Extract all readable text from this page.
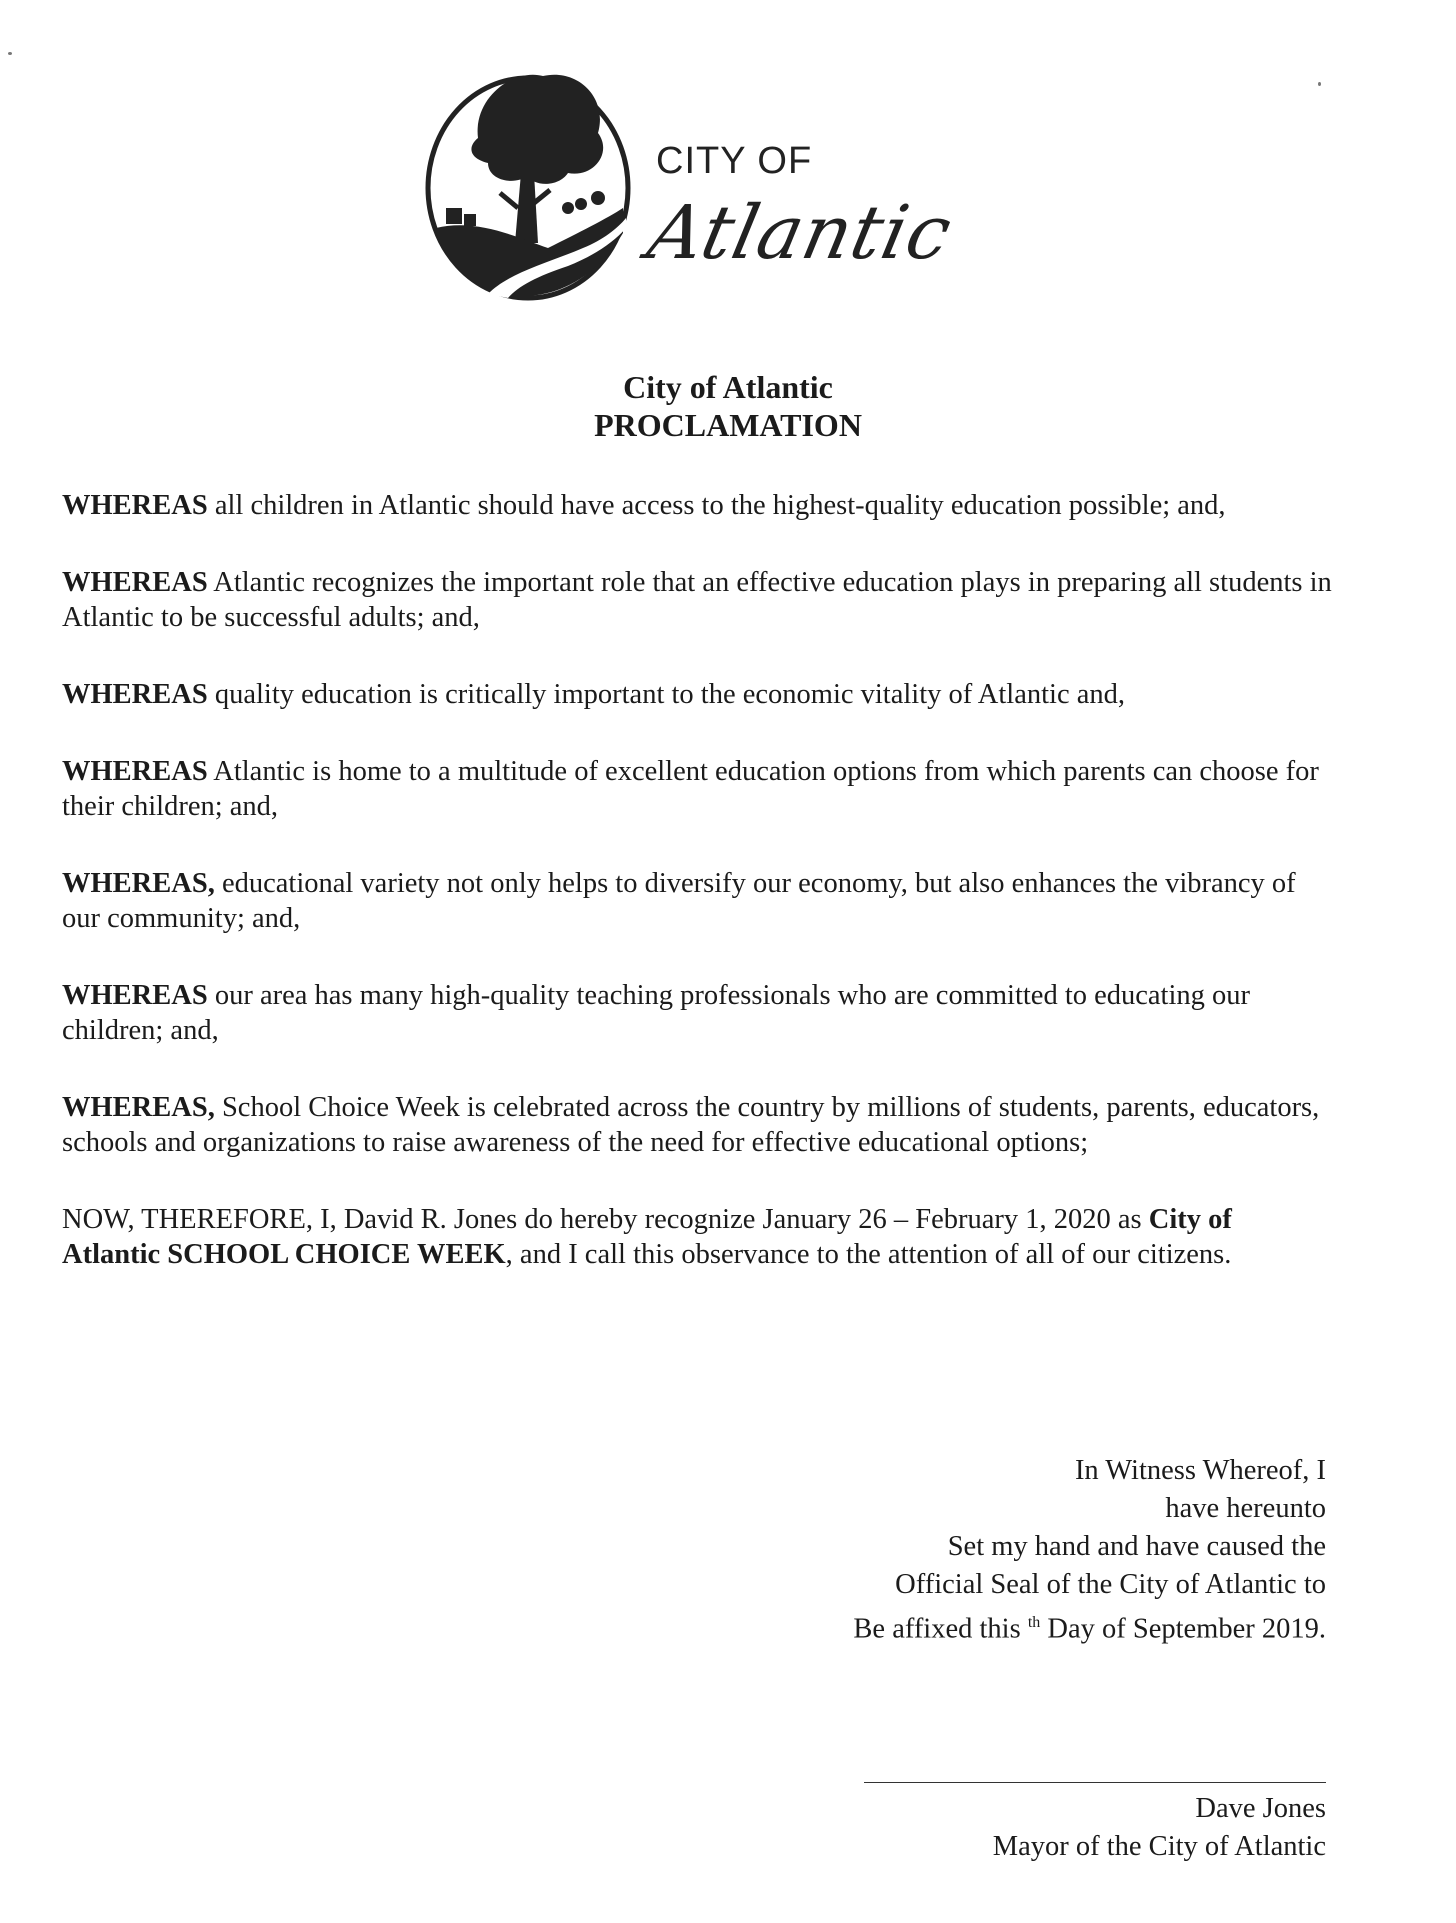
CITY OF
Atlantic
City of Atlantic
PROCLAMATION

WHEREAS all children in Atlantic should have access to the highest-quality education possible; and,

WHEREAS Atlantic recognizes the important role that an effective education plays in preparing all students in Atlantic to be successful adults; and,

WHEREAS quality education is critically important to the economic vitality of Atlantic and,

WHEREAS Atlantic is home to a multitude of excellent education options from which parents can choose for their children; and,

WHEREAS, educational variety not only helps to diversify our economy, but also enhances the vibrancy of our community; and,

WHEREAS our area has many high-quality teaching professionals who are committed to educating our children; and,

WHEREAS, School Choice Week is celebrated across the country by millions of students, parents, educators, schools and organizations to raise awareness of the need for effective educational options;

NOW, THEREFORE, I, David R. Jones do hereby recognize January 26 – February 1, 2020 as City of Atlantic SCHOOL CHOICE WEEK, and I call this observance to the attention of all of our citizens.

In Witness Whereof, I
have hereunto
Set my hand and have caused the
Official Seal of the City of Atlantic to
Be affixed this $^{th}$ Day of September 2019.
Dave Jones
Mayor of the City of Atlantic
